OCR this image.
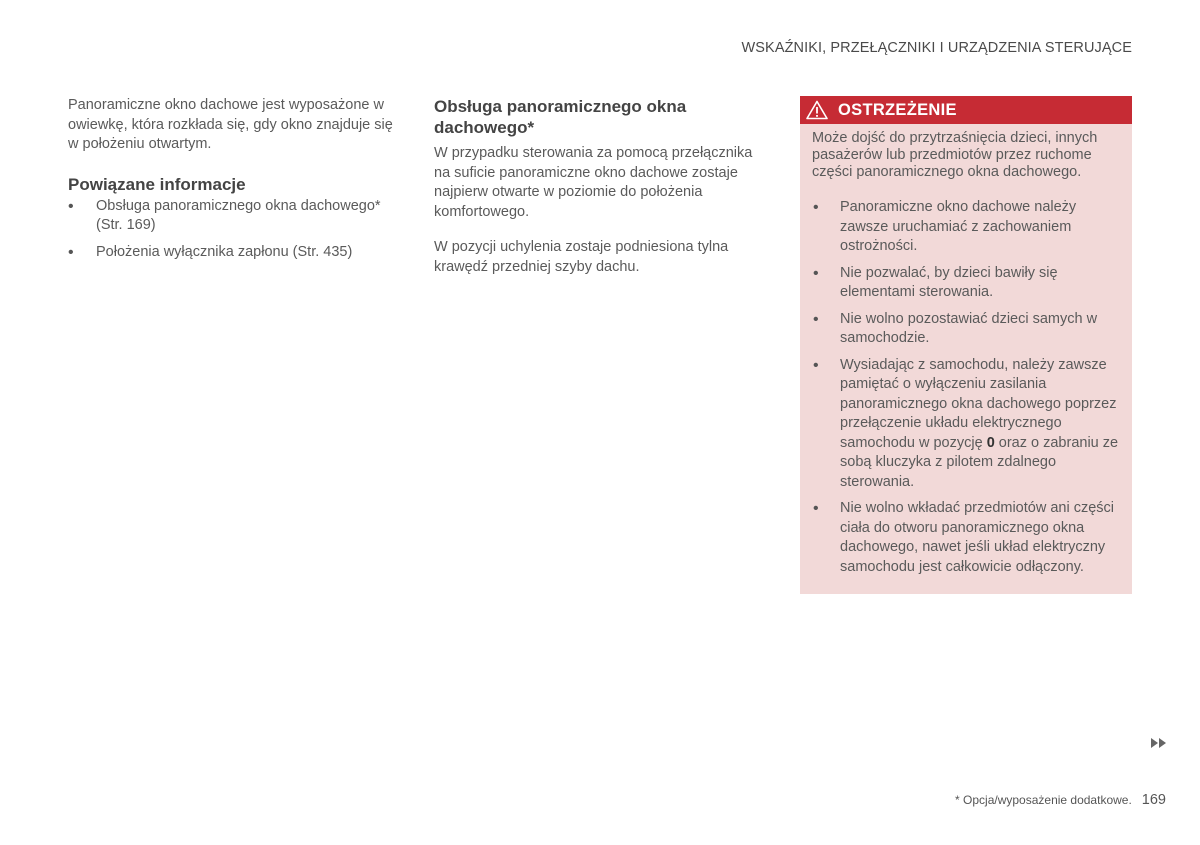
WSKAŹNIKI, PRZEŁĄCZNIKI I URZĄDZENIA STERUJĄCE

Panoramiczne okno dachowe jest wyposażone w owiewkę, która rozkłada się, gdy okno znajduje się w położeniu otwartym.

Powiązane informacje
• Obsługa panoramicznego okna dachowego* (Str. 169)
• Położenia wyłącznika zapłonu (Str. 435)
Obsługa panoramicznego okna dachowego*

W przypadku sterowania za pomocą przełącznika na suficie panoramiczne okno dachowe zostaje najpierw otwarte w poziomie do położenia komfortowego.

W pozycji uchylenia zostaje podniesiona tylna krawędź przedniej szyby dachu.

OSTRZEŻENIE

Może dojść do przytrzaśnięcia dzieci, innych pasażerów lub przedmiotów przez ruchome części panoramicznego okna dachowego.

• Panoramiczne okno dachowe należy zawsze uruchamiać z zachowaniem ostrożności.
• Nie pozwalać, by dzieci bawiły się elementami sterowania.
• Nie wolno pozostawiać dzieci samych w samochodzie.
• Wysiadając z samochodu, należy zawsze pamiętać o wyłączeniu zasilania panoramicznego okna dachowego poprzez przełączenie układu elektrycznego samochodu w pozycję 0 oraz o zabraniu ze sobą kluczyka z pilotem zdalnego sterowania.
• Nie wolno wkładać przedmiotów ani części ciała do otworu panoramicznego okna dachowego, nawet jeśli układ elektryczny samochodu jest całkowicie odłączony.
* Opcja/wyposażenie dodatkowe. 169
